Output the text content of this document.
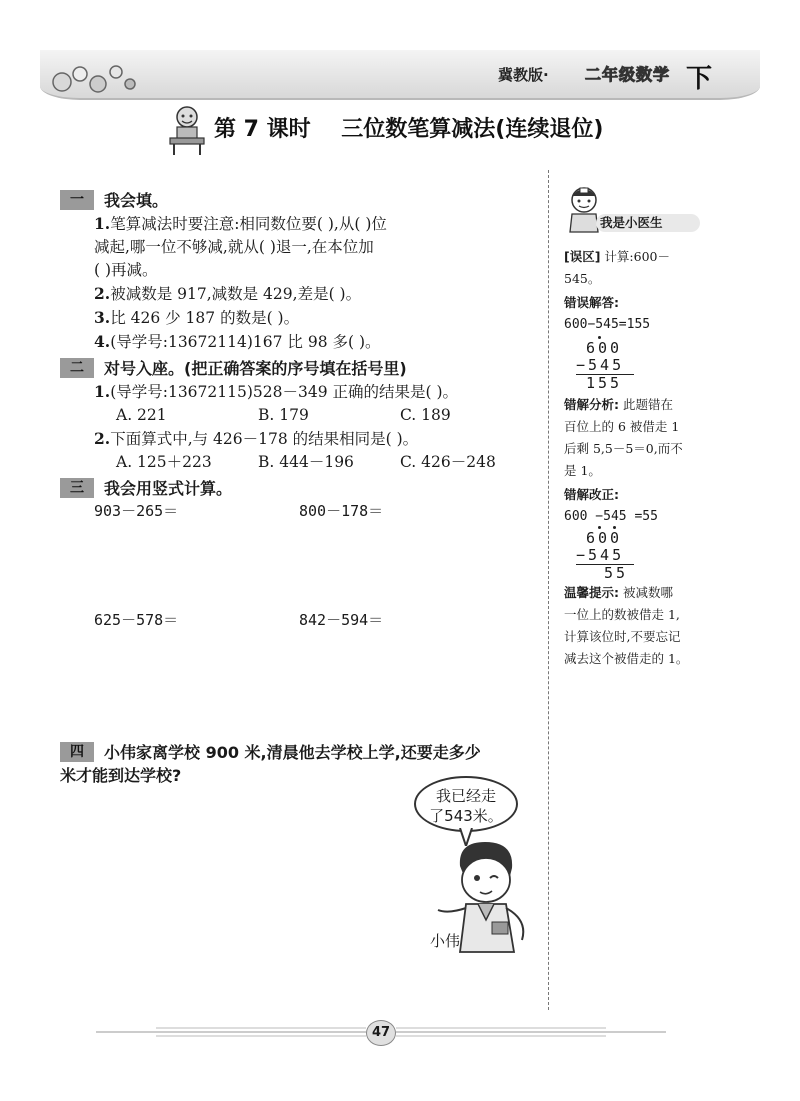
冀教版· 二年级数学 下
第 7 课时    三位数笔算减法(连续退位)
一	我会填。
1.笔算减法时要注意:相同数位要( ),从( )位
减起,哪一位不够减,就从( )退一,在本位加
( )再减。
2.被减数是 917,减数是 429,差是( )。
3.比 426 少 187 的数是( )。
4.(导学号:13672114)167 比 98 多( )。
二	对号入座。(把正确答案的序号填在括号里)
1.(导学号:13672115)528－349 正确的结果是( )。
A. 221	B. 179	C. 189
2.下面算式中,与 426－178 的结果相同是( )。
A. 125＋223	B. 444－196	C. 426－248
三	我会用竖式计算。
903－265＝	800－178＝
625－578＝	842－594＝
四	小伟家离学校 900 米,清晨他去学校上学,还要走多少
米才能到达学校?
我已经走
了543米。
小伟
我是小医生
[误区] 计算:600－
545。
错误解答:
600−545=155
600
−545
155
错解分析: 此题错在
百位上的 6 被借走 1
后剩 5,5－5＝0,而不
是 1。
错解改正:
600 −545 =55
600
−545
55
温馨提示: 被减数哪
一位上的数被借走 1,
计算该位时,不要忘记
减去这个被借走的 1。
47
